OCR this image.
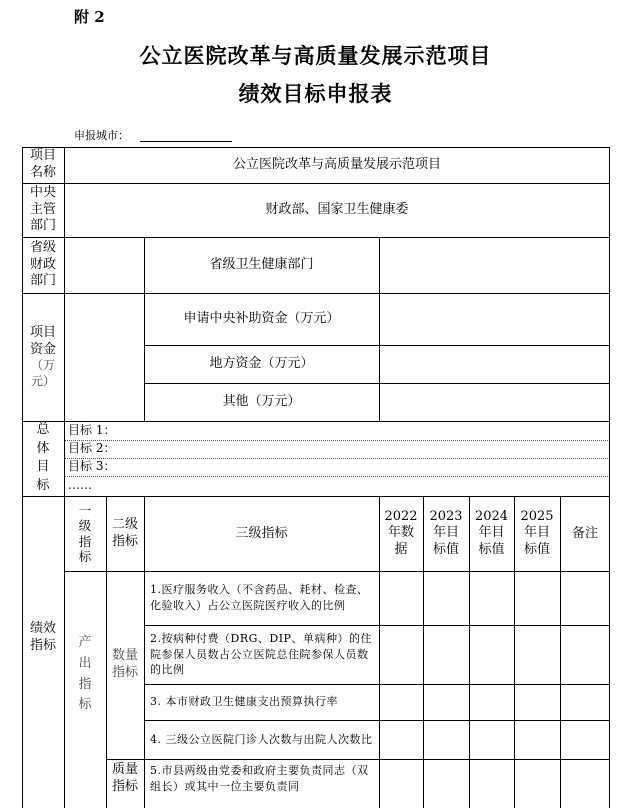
附 2
公立医院改革与高质量发展示范项目
绩效目标申报表
申报城市：
项目
名称
公立医院改革与高质量发展示范项目
中央
主管
部门
财政部、国家卫生健康委
省级
财政
部门
省级卫生健康部门
项目
资金
（万
元）
申请中央补助资金（万元）
地方资金（万元）
其他（万元）
总
体
目
标
目标 1：
目标 2：
目标 3：
……
绩效
指标
一
级
指
标
二级
指标
三级指标
2022
年数
据
2023
年目
标值
2024
年目
标值
2025
年目
标值
备注
产
出
指
标
数量
指标
质量
指标
1.医疗服务收入（不含药品、耗材、检查、化验收入）占公立医院医疗收入的比例
2.按病种付费（DRG、DIP、单病种）的住院参保人员数占公立医院总住院参保人员数的比例
3. 本市财政卫生健康支出预算执行率
4. 三级公立医院门诊人次数与出院人次数比
5.市县两级由党委和政府主要负责同志（双组长）或其中一位主要负责同
